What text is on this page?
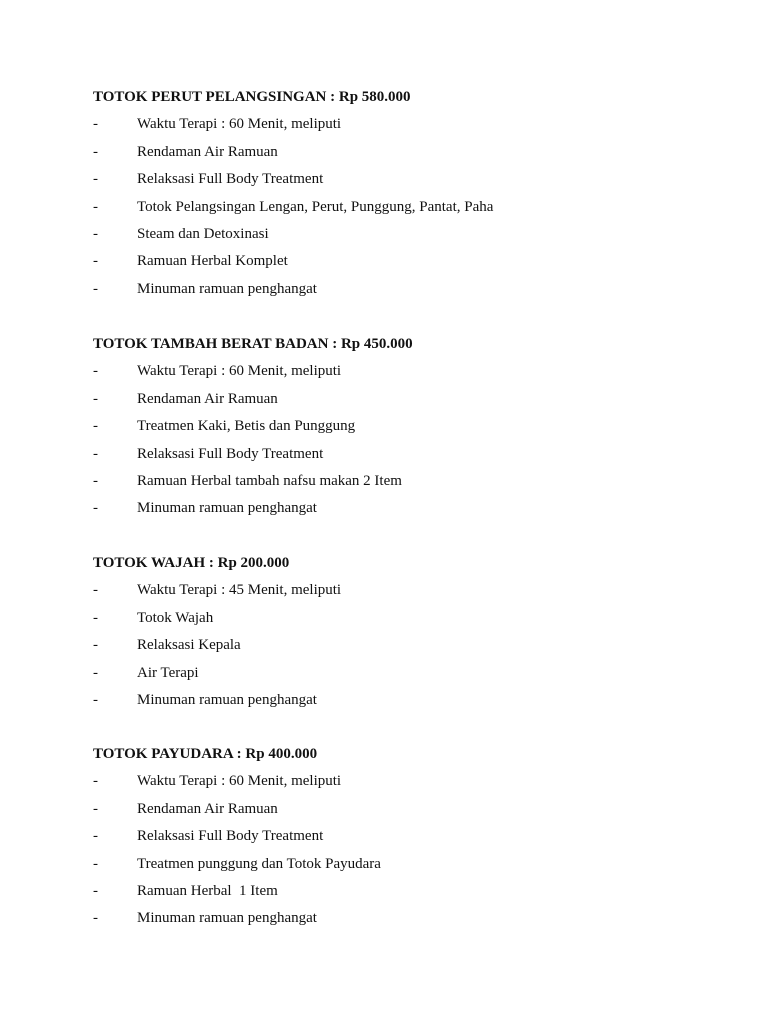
TOTOK PERUT PELANGSINGAN : Rp 580.000
-	Waktu Terapi : 60 Menit, meliputi
-	Rendaman Air Ramuan
-	Relaksasi Full Body Treatment
-	Totok Pelangsingan Lengan, Perut, Punggung, Pantat, Paha
-	Steam dan Detoxinasi
-	Ramuan Herbal Komplet
-	Minuman ramuan penghangat
TOTOK TAMBAH BERAT BADAN : Rp 450.000
-	Waktu Terapi : 60 Menit, meliputi
-	Rendaman Air Ramuan
-	Treatmen Kaki, Betis dan Punggung
-	Relaksasi Full Body Treatment
-	Ramuan Herbal tambah nafsu makan 2 Item
-	Minuman ramuan penghangat
TOTOK WAJAH : Rp 200.000
-	Waktu Terapi : 45 Menit, meliputi
-	Totok Wajah
-	Relaksasi Kepala
-	Air Terapi
-	Minuman ramuan penghangat
TOTOK PAYUDARA : Rp 400.000
-	Waktu Terapi : 60 Menit, meliputi
-	Rendaman Air Ramuan
-	Relaksasi Full Body Treatment
-	Treatmen punggung dan Totok Payudara
-	Ramuan Herbal  1 Item
-	Minuman ramuan penghangat
